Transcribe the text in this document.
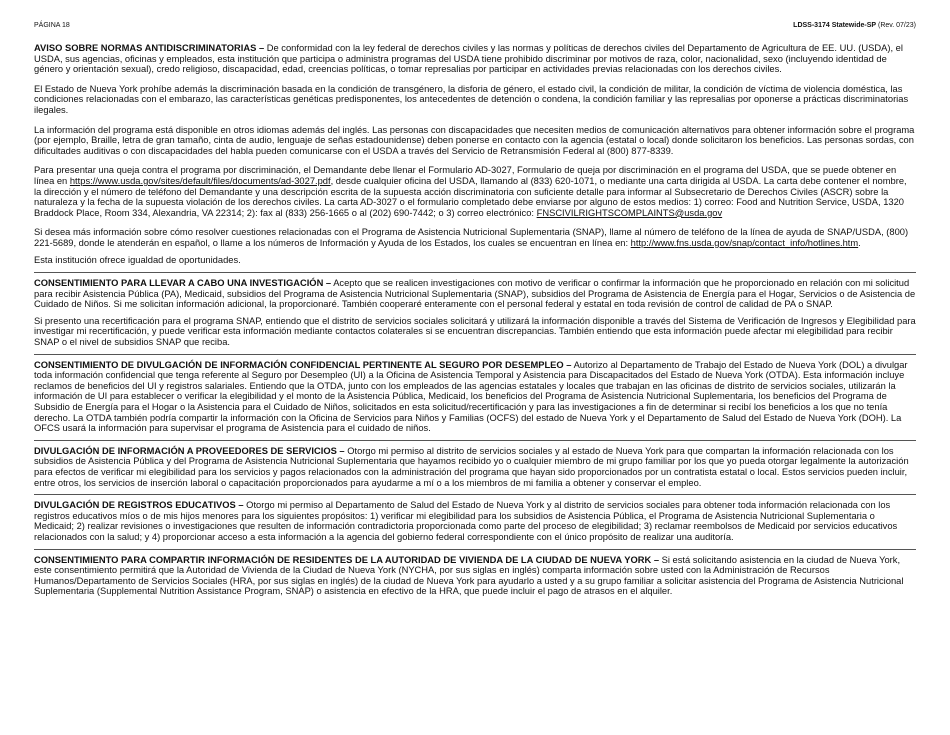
PÁGINA 18	LDSS-3174 Statewide-SP (Rev. 07/23)

AVISO SOBRE NORMAS ANTIDISCRIMINATORIAS – De conformidad con la ley federal de derechos civiles y las normas y políticas de derechos civiles del Departamento de Agricultura de EE. UU. (USDA), el USDA, sus agencias, oficinas y empleados, esta institución que participa o administra programas del USDA tiene prohibido discriminar por motivos de raza, color, nacionalidad, sexo (incluyendo identidad de género y orientación sexual), credo religioso, discapacidad, edad, creencias políticas, o tomar represalias por participar en actividades previas relacionadas con los derechos civiles.

El Estado de Nueva York prohíbe además la discriminación basada en la condición de transgénero, la disforia de género, el estado civil, la condición de militar, la condición de víctima de violencia doméstica, las condiciones relacionadas con el embarazo, las características genéticas predisponentes, los antecedentes de detención o condena, la condición familiar y las represalias por oponerse a prácticas discriminatorias ilegales.

La información del programa está disponible en otros idiomas además del inglés. Las personas con discapacidades que necesiten medios de comunicación alternativos para obtener información sobre el programa (por ejemplo, Braille, letra de gran tamaño, cinta de audio, lenguaje de señas estadounidense) deben ponerse en contacto con la agencia (estatal o local) donde solicitaron los beneficios. Las personas sordas, con dificultades auditivas o con discapacidades del habla pueden comunicarse con el USDA a través del Servicio de Retransmisión Federal al (800) 877-8339.

Para presentar una queja contra el programa por discriminación, el Demandante debe llenar el Formulario AD-3027, Formulario de queja por discriminación en el programa del USDA, que se puede obtener en línea en https://www.usda.gov/sites/default/files/documents/ad-3027.pdf, desde cualquier oficina del USDA, llamando al (833) 620-1071, o mediante una carta dirigida al USDA. La carta debe contener el nombre, la dirección y el número de teléfono del Demandante y una descripción escrita de la supuesta acción discriminatoria con suficiente detalle para informar al Subsecretario de Derechos Civiles (ASCR) sobre la naturaleza y la fecha de la supuesta violación de los derechos civiles. La carta AD-3027 o el formulario completado debe enviarse por alguno de estos medios: 1) correo: Food and Nutrition Service, USDA, 1320 Braddock Place, Room 334, Alexandria, VA 22314; 2): fax al (833) 256-1665 o al (202) 690-7442; o 3) correo electrónico: FNSCIVILRIGHTSCOMPLAINTS@usda.gov

Si desea más información sobre cómo resolver cuestiones relacionadas con el Programa de Asistencia Nutricional Suplementaria (SNAP), llame al número de teléfono de la línea de ayuda de SNAP/USDA, (800) 221-5689, donde le atenderán en español, o llame a los números de Información y Ayuda de los Estados, los cuales se encuentran en línea en: http://www.fns.usda.gov/snap/contact_info/hotlines.htm.

Esta institución ofrece igualdad de oportunidades.

CONSENTIMIENTO PARA LLEVAR A CABO UNA INVESTIGACIÓN – Acepto que se realicen investigaciones con motivo de verificar o confirmar la información que he proporcionado en relación con mi solicitud para recibir Asistencia Pública (PA), Medicaid, subsidios del Programa de Asistencia Nutricional Suplementaria (SNAP), subsidios del Programa de Asistencia de Energía para el Hogar, Servicios o de Asistencia de Cuidado de Niños. Si me solicitan información adicional, la proporcionaré. También cooperaré enteramente con el personal federal y estatal en toda revisión de control de calidad de PA o SNAP.

Si presento una recertificación para el programa SNAP, entiendo que el distrito de servicios sociales solicitará y utilizará la información disponible a través del Sistema de Verificación de Ingresos y Elegibilidad para investigar mi recertificación, y puede verificar esta información mediante contactos colaterales si se encuentran discrepancias. También entiendo que esta información puede afectar mi elegibilidad para recibir SNAP o el nivel de subsidios SNAP que reciba.

CONSENTIMIENTO DE DIVULGACIÓN DE INFORMACIÓN CONFIDENCIAL PERTINENTE AL SEGURO POR DESEMPLEO – Autorizo al Departamento de Trabajo del Estado de Nueva York (DOL) a divulgar toda información confidencial que tenga referente al Seguro por Desempleo (UI) a la Oficina de Asistencia Temporal y Asistencia para Discapacitados del Estado de Nueva York (OTDA). Esta información incluye reclamos de beneficios del UI y registros salariales. Entiendo que la OTDA, junto con los empleados de las agencias estatales y locales que trabajan en las oficinas de distrito de servicios sociales, utilizarán la información de UI para establecer o verificar la elegibilidad y el monto de la Asistencia Pública, Medicaid, los beneficios del Programa de Asistencia Nutricional Suplementaria, los beneficios del Programa de Subsidio de Energía para el Hogar o la Asistencia para el Cuidado de Niños, solicitados en esta solicitud/recertificación y para las investigaciones a fin de determinar si recibí los beneficios a los que no tenía derecho. La OTDA también podría compartir la información con la Oficina de Servicios para Niños y Familias (OCFS) del estado de Nueva York y el Departamento de Salud del Estado de Nueva York (DOH). La OFCS usará la información para supervisar el programa de Asistencia para el cuidado de niños.

DIVULGACIÓN DE INFORMACIÓN A PROVEEDORES DE SERVICIOS – Otorgo mi permiso al distrito de servicios sociales y al estado de Nueva York para que compartan la información relacionada con los subsidios de Asistencia Pública y del Programa de Asistencia Nutricional Suplementaria que hayamos recibido yo o cualquier miembro de mi grupo familiar por los que yo pueda otorgar legalmente la autorización para efectos de verificar mi elegibilidad para los servicios y pagos relacionados con la administración del programa que hayan sido proporcionados por un contratista estatal o local. Estos servicios pueden incluir, entre otros, los servicios de inserción laboral o capacitación proporcionados para ayudarme a mí o a los miembros de mi familia a obtener y conservar el empleo.

DIVULGACIÓN DE REGISTROS EDUCATIVOS – Otorgo mi permiso al Departamento de Salud del Estado de Nueva York y al distrito de servicios sociales para obtener toda información relacionada con los registros educativos míos o de mis hijos menores para los siguientes propósitos: 1) verificar mi elegibilidad para los subsidios de Asistencia Pública, el Programa de Asistencia Nutricional Suplementaria o Medicaid; 2) realizar revisiones o investigaciones que resulten de información contradictoria proporcionada como parte del proceso de elegibilidad; 3) reclamar reembolsos de Medicaid por servicios educativos relacionados con la salud; y 4) proporcionar acceso a esta información a la agencia del gobierno federal correspondiente con el único propósito de realizar una auditoría.

CONSENTIMIENTO PARA COMPARTIR INFORMACIÓN DE RESIDENTES DE LA AUTORIDAD DE VIVIENDA DE LA CIUDAD DE NUEVA YORK – Si está solicitando asistencia en la ciudad de Nueva York, este consentimiento permitirá que la Autoridad de Vivienda de la Ciudad de Nueva York (NYCHA, por sus siglas en inglés) comparta información sobre usted con la Administración de Recursos Humanos/Departamento de Servicios Sociales (HRA, por sus siglas en inglés) de la ciudad de Nueva York para ayudarlo a usted y a su grupo familiar a solicitar asistencia del Programa de Asistencia Nutricional Suplementaria (Supplemental Nutrition Assistance Program, SNAP) o asistencia en efectivo de la HRA, que puede incluir el pago de atrasos en el alquiler.
